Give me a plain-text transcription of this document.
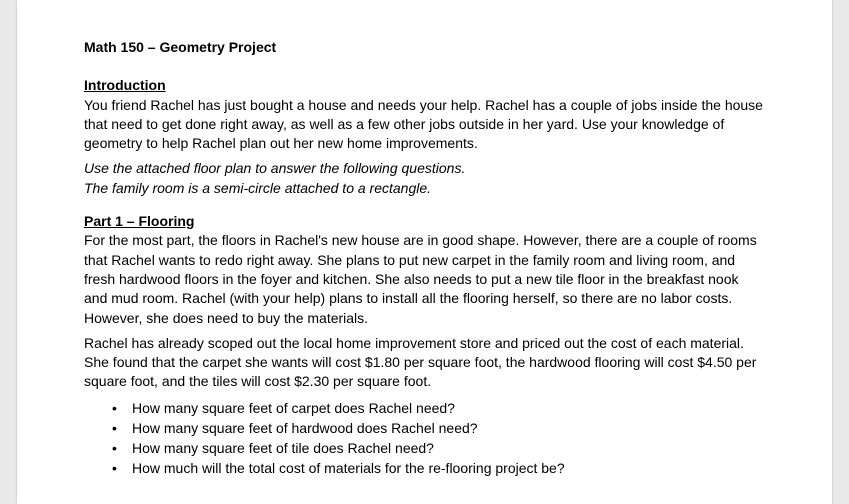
Math 150 – Geometry Project
Introduction

You friend Rachel has just bought a house and needs your help. Rachel has a couple of jobs inside the house that need to get done right away, as well as a few other jobs outside in her yard. Use your knowledge of geometry to help Rachel plan out her new home improvements.

Use the attached floor plan to answer the following questions.
The family room is a semi-circle attached to a rectangle.
Part 1 – Flooring

For the most part, the floors in Rachel's new house are in good shape. However, there are a couple of rooms that Rachel wants to redo right away. She plans to put new carpet in the family room and living room, and fresh hardwood floors in the foyer and kitchen. She also needs to put a new tile floor in the breakfast nook and mud room. Rachel (with your help) plans to install all the flooring herself, so there are no labor costs. However, she does need to buy the materials.

Rachel has already scoped out the local home improvement store and priced out the cost of each material. She found that the carpet she wants will cost $1.80 per square foot, the hardwood flooring will cost $4.50 per square foot, and the tiles will cost $2.30 per square foot.

• How many square feet of carpet does Rachel need?
• How many square feet of hardwood does Rachel need?
• How many square feet of tile does Rachel need?
• How much will the total cost of materials for the re-flooring project be?
